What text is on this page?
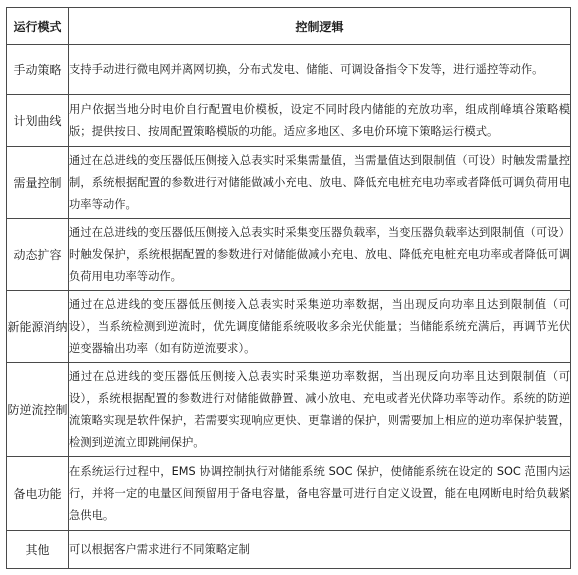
运行模式	控制逻辑
手动策略	支持手动进行微电网并离网切换，分布式发电、储能、可调设备指令下发等，进行遥控等动作。
计划曲线	用户依据当地分时电价自行配置电价模板，设定不同时段内储能的充放功率，组成削峰填谷策略模版；提供按日、按周配置策略模版的功能。适应多地区、多电价环境下策略运行模式。
需量控制	通过在总进线的变压器低压侧接入总表实时采集需量值，当需量值达到限制值（可设）时触发需量控制，系统根据配置的参数进行对储能做减小充电、放电、降低充电桩充电功率或者降低可调负荷用电功率等动作。
动态扩容	通过在总进线的变压器低压侧接入总表实时采集变压器负载率，当变压器负载率达到限制值（可设）时触发保护，系统根据配置的参数进行对储能做减小充电、放电、降低充电桩充电功率或者降低可调负荷用电功率等动作。
新能源消纳	通过在总进线的变压器低压侧接入总表实时采集逆功率数据，当出现反向功率且达到限制值（可设），当系统检测到逆流时，优先调度储能系统吸收多余光伏能量；当储能系统充满后，再调节光伏逆变器输出功率（如有防逆流要求）。
防逆流控制	通过在总进线的变压器低压侧接入总表实时采集逆功率数据，当出现反向功率且达到限制值（可设），系统根据配置的参数进行对储能做静置、减小放电、充电或者光伏降功率等动作。系统的防逆流策略实现是软件保护，若需要实现响应更快、更靠谱的保护，则需要加上相应的逆功率保护装置，检测到逆流立即跳闸保护。
备电功能	在系统运行过程中，EMS 协调控制执行对储能系统 SOC 保护，使储能系统在设定的 SOC 范围内运行，并将一定的电量区间预留用于备电容量，备电容量可进行自定义设置，能在电网断电时给负载紧急供电。
其他	可以根据客户需求进行不同策略定制
